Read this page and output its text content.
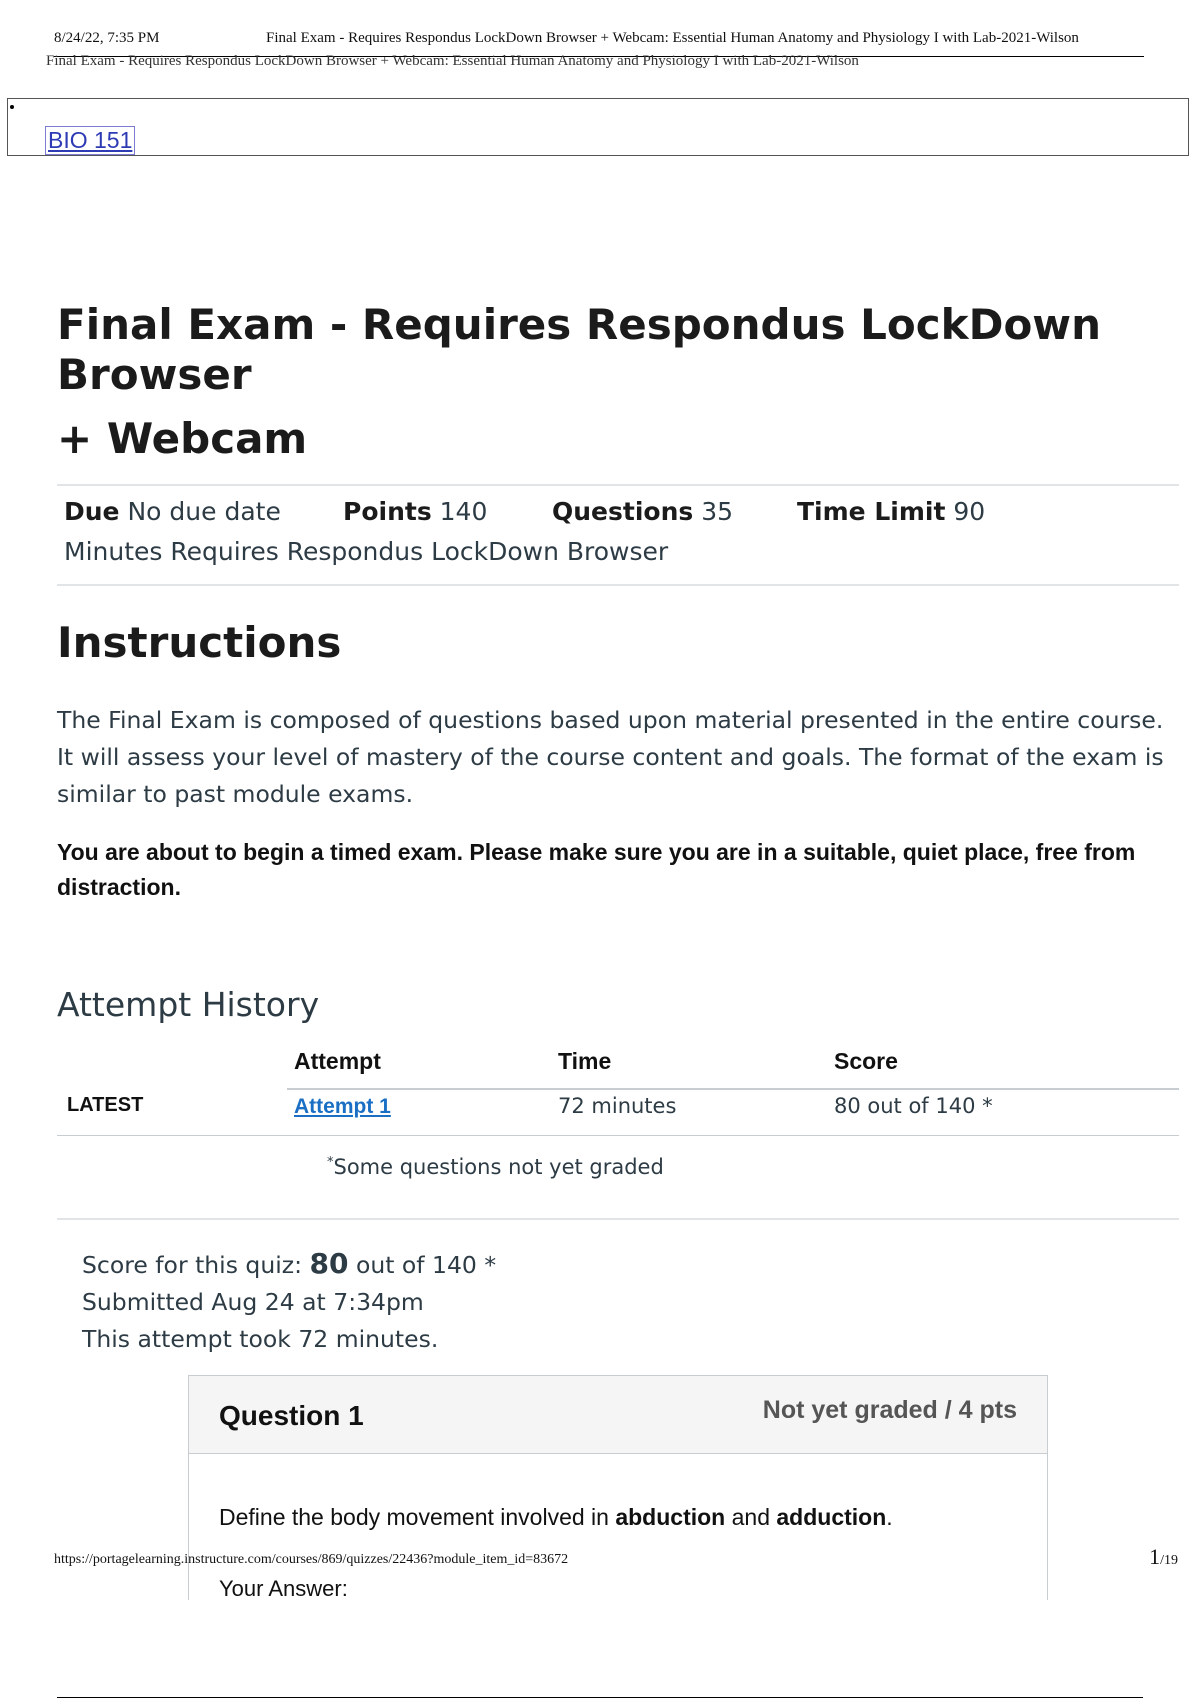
8/24/22, 7:35 PM	Final Exam - Requires Respondus LockDown Browser + Webcam: Essential Human Anatomy and Physiology I with Lab-2021-Wilson
Final Exam - Requires Respondus LockDown Browser + Webcam: Essential Human Anatomy and Physiology I with Lab-2021-Wilson
BIO 151
Final Exam - Requires Respondus LockDown Browser
+ Webcam
Due No due date Points 140	Questions 35	Time Limit 90
Minutes Requires Respondus LockDown Browser
Instructions

The Final Exam is composed of questions based upon material presented in the entire course. It will assess your level of mastery of the course content and goals. The format of the exam is similar to past module exams.

You are about to begin a timed exam. Please make sure you are in a suitable, quiet place, free from distraction.

Attempt History
Attempt	Time	Score
LATEST	Attempt 1	72 minutes	80 out of 140 *
*Some questions not yet graded
Score for this quiz: 80 out of 140 *
Submitted Aug 24 at 7:34pm
This attempt took 72 minutes.
Question 1	Not yet graded / 4 pts
Define the body movement involved in abduction and adduction.
Your Answer:
https://portagelearning.instructure.com/courses/869/quizzes/22436?module_item_id=83672	1/19
